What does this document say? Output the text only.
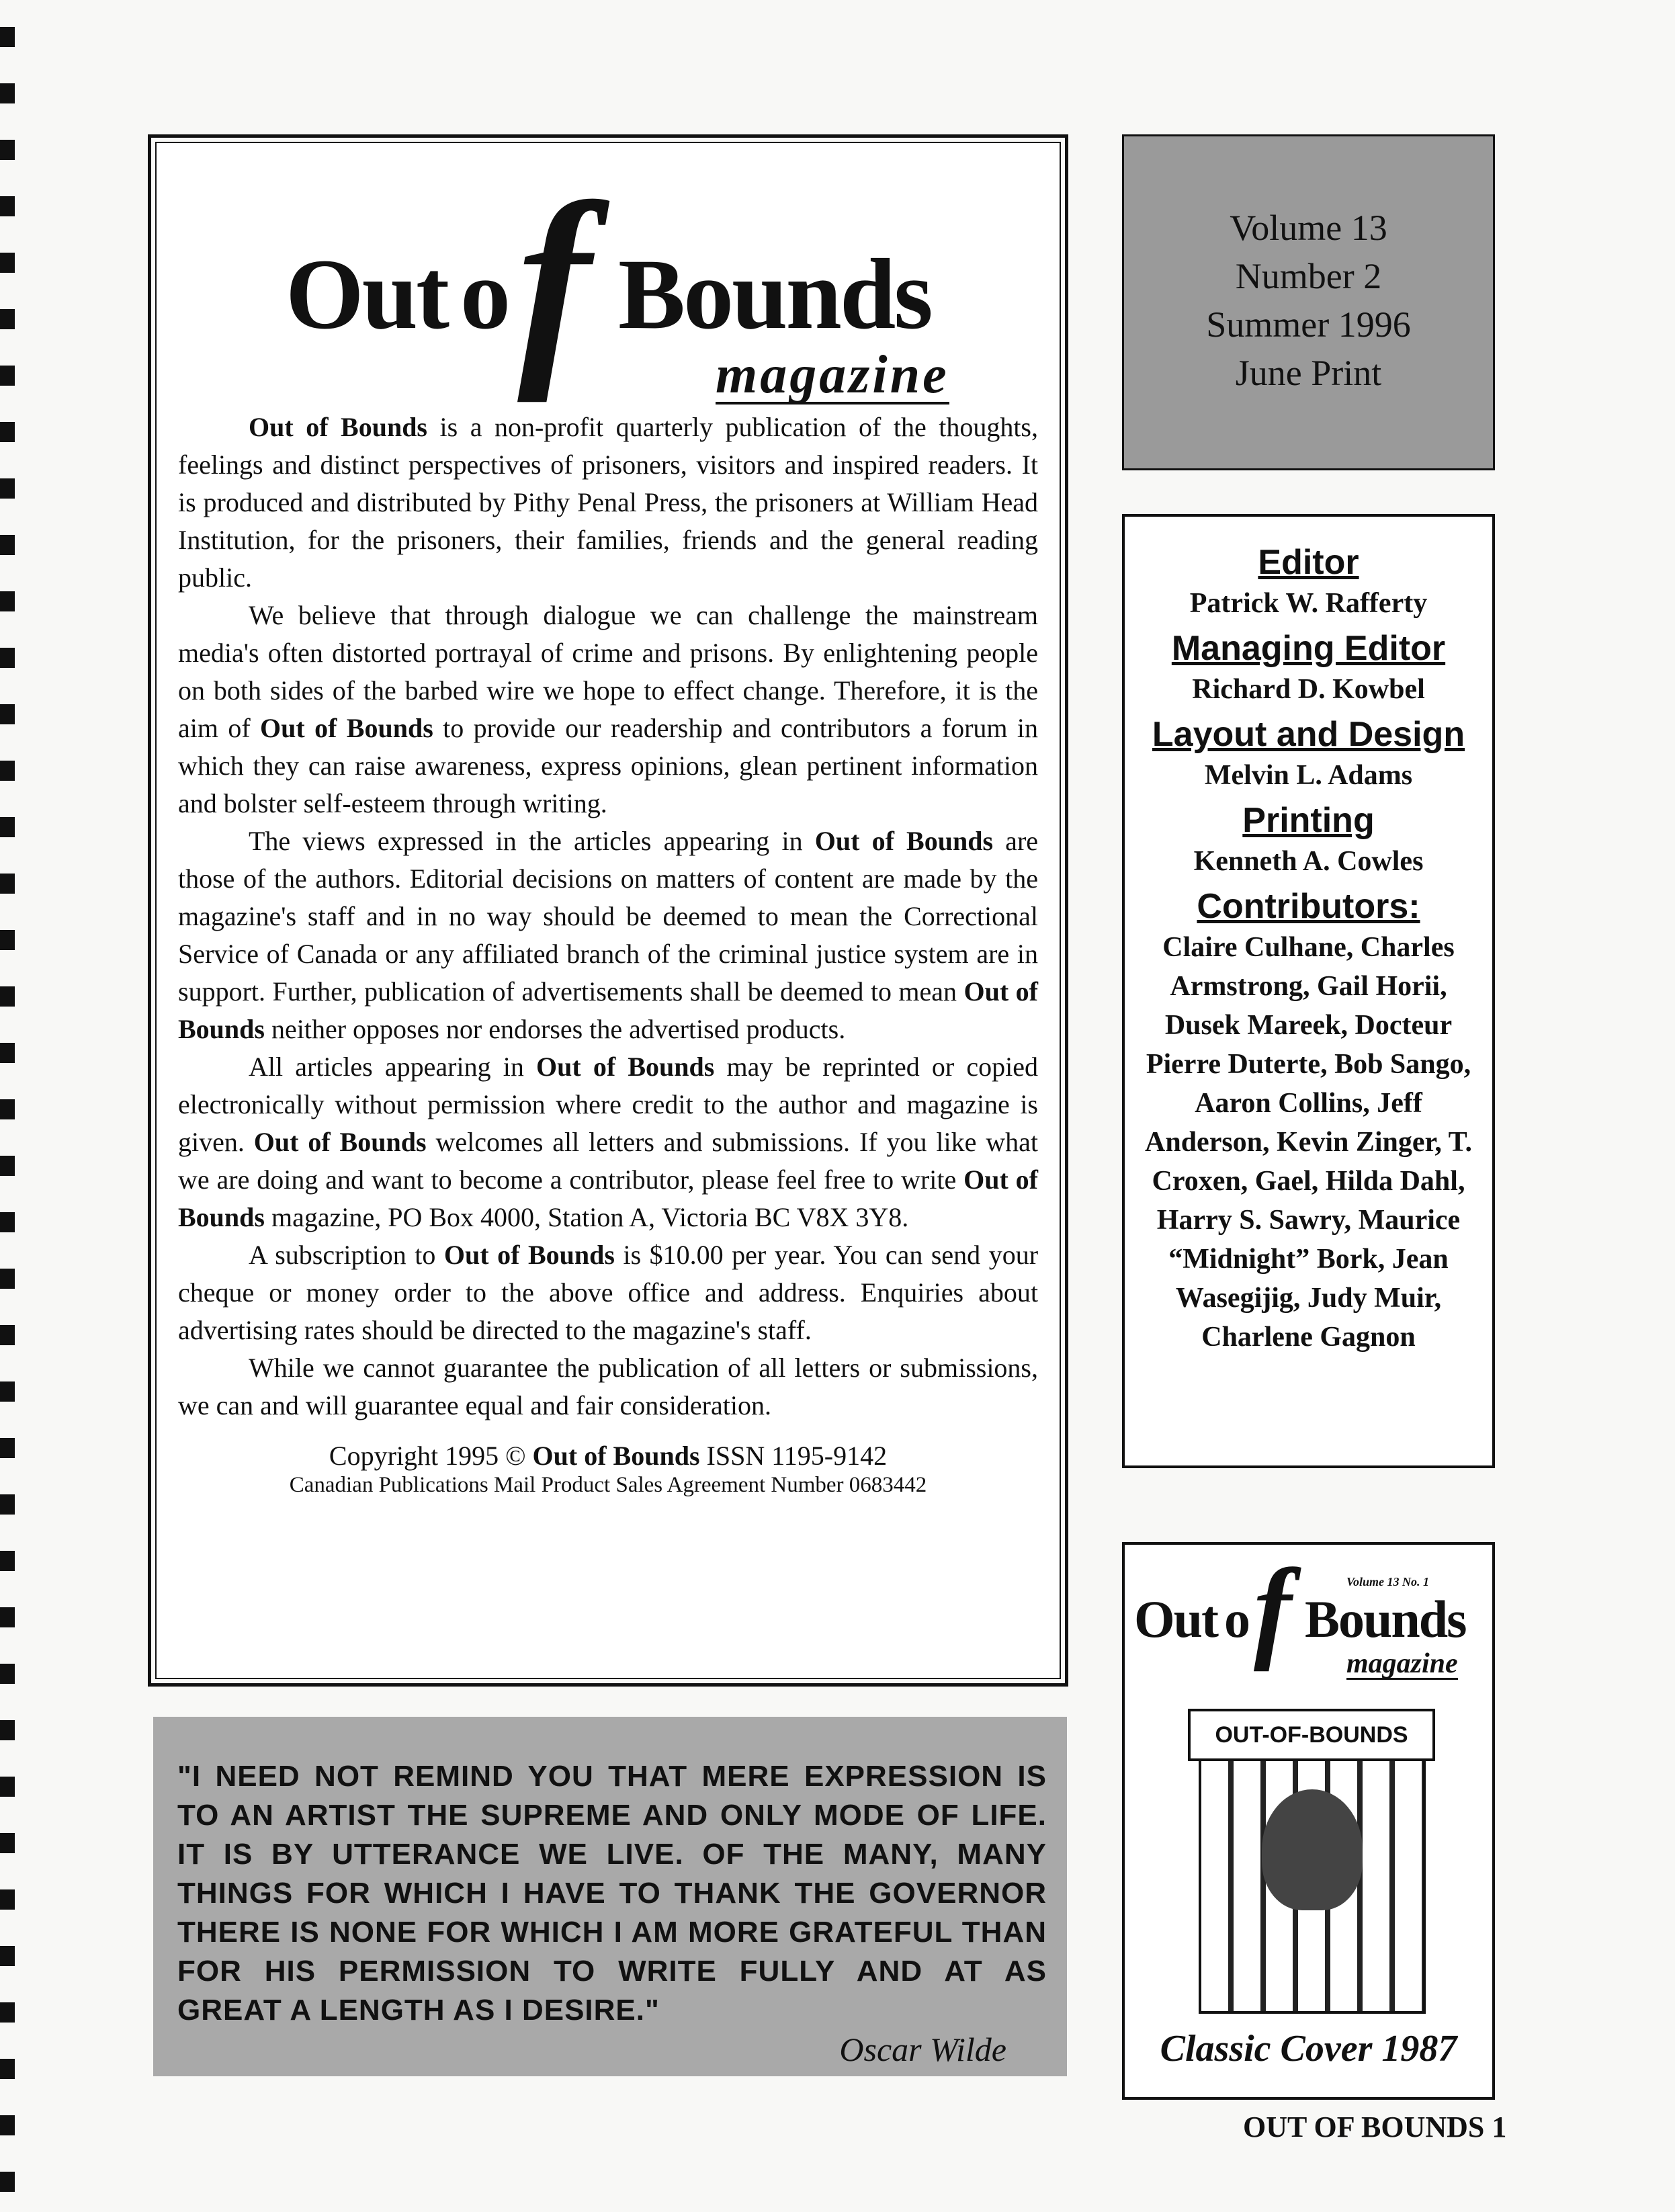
Out o f Bounds
magazine

Out of Bounds is a non-profit quarterly publication of the thoughts, feelings and distinct perspectives of prisoners, visitors and inspired readers. It is produced and distributed by Pithy Penal Press, the prisoners at William Head Institution, for the prisoners, their families, friends and the general reading public.

We believe that through dialogue we can challenge the mainstream media's often distorted portrayal of crime and prisons. By enlightening people on both sides of the barbed wire we hope to effect change. Therefore, it is the aim of Out of Bounds to provide our readership and contributors a forum in which they can raise awareness, express opinions, glean pertinent information and bolster self-esteem through writing.

The views expressed in the articles appearing in Out of Bounds are those of the authors. Editorial decisions on matters of content are made by the magazine's staff and in no way should be deemed to mean the Correctional Service of Canada or any affiliated branch of the criminal justice system are in support. Further, publication of advertisements shall be deemed to mean Out of Bounds neither opposes nor endorses the advertised products.

All articles appearing in Out of Bounds may be reprinted or copied electronically without permission where credit to the author and magazine is given. Out of Bounds welcomes all letters and submissions. If you like what we are doing and want to become a contributor, please feel free to write Out of Bounds magazine, PO Box 4000, Station A, Victoria BC V8X 3Y8.

A subscription to Out of Bounds is $10.00 per year. You can send your cheque or money order to the above office and address. Enquiries about advertising rates should be directed to the magazine's staff.

While we cannot guarantee the publication of all letters or submissions, we can and will guarantee equal and fair consideration.

Copyright 1995 © Out of Bounds ISSN 1195-9142
Canadian Publications Mail Product Sales Agreement Number 0683442

"I NEED NOT REMIND YOU THAT MERE EXPRESSION IS TO AN ARTIST THE SUPREME AND ONLY MODE OF LIFE. IT IS BY UTTERANCE WE LIVE. OF THE MANY, MANY THINGS FOR WHICH I HAVE TO THANK THE GOVERNOR THERE IS NONE FOR WHICH I AM MORE GRATEFUL THAN FOR HIS PERMISSION TO WRITE FULLY AND AT AS GREAT A LENGTH AS I DESIRE."

Oscar Wilde
Volume 13
Number 2
Summer 1996
June Print
Editor
Patrick W. Rafferty
Managing Editor
Richard D. Kowbel
Layout and Design
Melvin L. Adams
Printing
Kenneth A. Cowles
Contributors:
Claire Culhane, Charles Armstrong, Gail Horii, Dusek Mareek, Docteur Pierre Duterte, Bob Sango, Aaron Collins, Jeff Anderson, Kevin Zinger, T. Croxen, Gael, Hilda Dahl, Harry S. Sawry, Maurice “Midnight” Bork, Jean Wasegijig, Judy Muir, Charlene Gagnon
Out o f Bounds
Volume 13 No. 1
magazine
OUT-OF-BOUNDS
Classic Cover 1987
OUT OF BOUNDS 1
